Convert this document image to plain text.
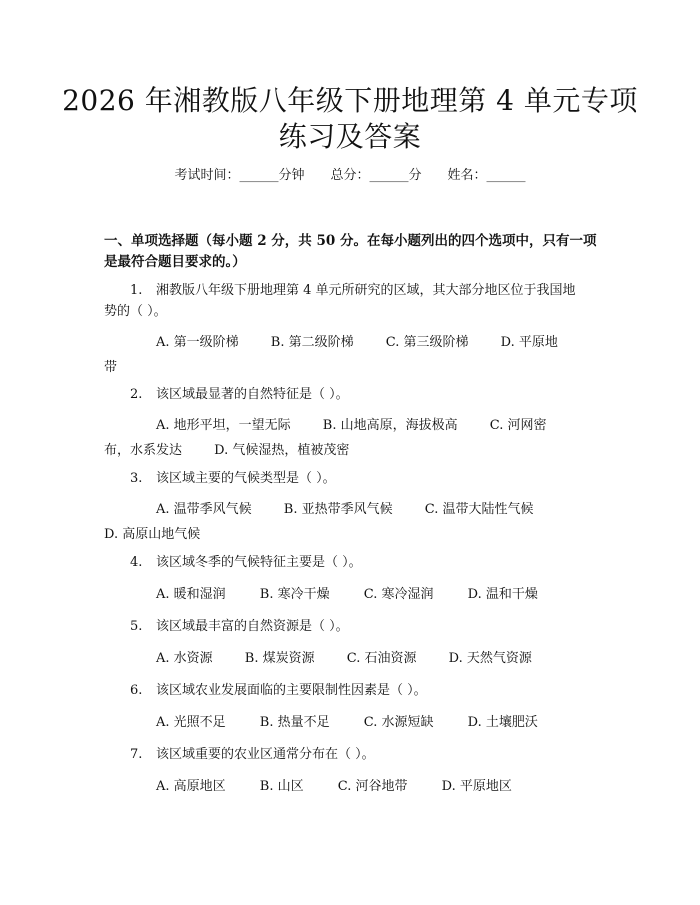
2026 年湘教版八年级下册地理第 4 单元专项
练习及答案
考试时间：______分钟 总分：______分 姓名：______
一、单项选择题（每小题 2 分，共 50 分。在每小题列出的四个选项中，只有一项
是最符合题目要求的。）
1. 湘教版八年级下册地理第 4 单元所研究的区域，其大部分地区位于我国地
势的（ ）。
A. 第一级阶梯 B. 第二级阶梯 C. 第三级阶梯 D. 平原地
带
2. 该区域最显著的自然特征是（ ）。
A. 地形平坦，一望无际 B. 山地高原，海拔极高 C. 河网密
布，水系发达 D. 气候湿热，植被茂密
3. 该区域主要的气候类型是（ ）。
A. 温带季风气候 B. 亚热带季风气候 C. 温带大陆性气候
D. 高原山地气候
4. 该区域冬季的气候特征主要是（ ）。
A. 暖和湿润	B. 寒冷干燥	C. 寒冷湿润	D. 温和干燥
5. 该区域最丰富的自然资源是（ ）。
A. 水资源 B. 煤炭资源 C. 石油资源 D. 天然气资源
6. 该区域农业发展面临的主要限制性因素是（ ）。
A. 光照不足	B. 热量不足	C. 水源短缺	D. 土壤肥沃
7. 该区域重要的农业区通常分布在（ ）。
A. 高原地区	B. 山区	C. 河谷地带	D. 平原地区
